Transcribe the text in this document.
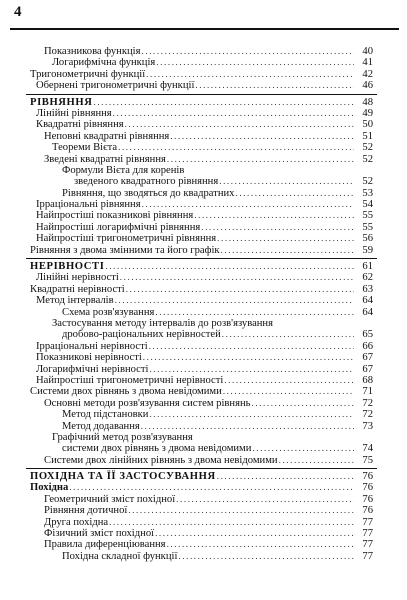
4
Показникова функція .....	40
Логарифмічна функція .....	41
Тригонометричні функції .....	42
Обернені тригонометричні функції .....	46
РІВНЯННЯ .....	48
Лінійні рівняння .....	49
Квадратні рівняння .....	50
Неповні квадратні рівняння .....	51
Теореми Вієта .....	52
Зведені квадратні рівняння .....	52
Формули Вієта для коренів
зведеного квадратного рівняння .....	52
Рівняння, що зводяться до квадратних .....	53
Ірраціональні рівняння .....	54
Найпростіші показникові рівняння .....	55
Найпростіші логарифмічні рівняння .....	55
Найпростіші тригонометричні рівняння .....	56
Рівняння з двома змінними та його графік .....	59
НЕРІВНОСТІ .....	61
Лінійні нерівності .....	62
Квадратні нерівності .....	63
Метод інтервалів .....	64
Схема розв'язування .....	64
Застосування методу інтервалів до розв'язування
дробово-раціональних нерівностей .....	65
Ірраціональні нерівності .....	66
Показникові нерівності .....	67
Логарифмічні нерівності .....	67
Найпростіші тригонометричні нерівності .....	68
Системи двох рівнянь з двома невідомими .....	71
Основні методи розв'язування систем рівнянь .....	72
Метод підстановки .....	72
Метод додавання .....	73
Графічний метод розв'язування
системи двох рівнянь з двома невідомими .....	74
Системи двох лінійних рівнянь з двома невідомими .....	75
ПОХІДНА ТА ЇЇ ЗАСТОСУВАННЯ .....	76
Похідна .....	76
Геометричний зміст похідної .....	76
Рівняння дотичної .....	76
Друга похідна .....	77
Фізичний зміст похідної .....	77
Правила диференціювання .....	77
Похідна складної функції .....	77
